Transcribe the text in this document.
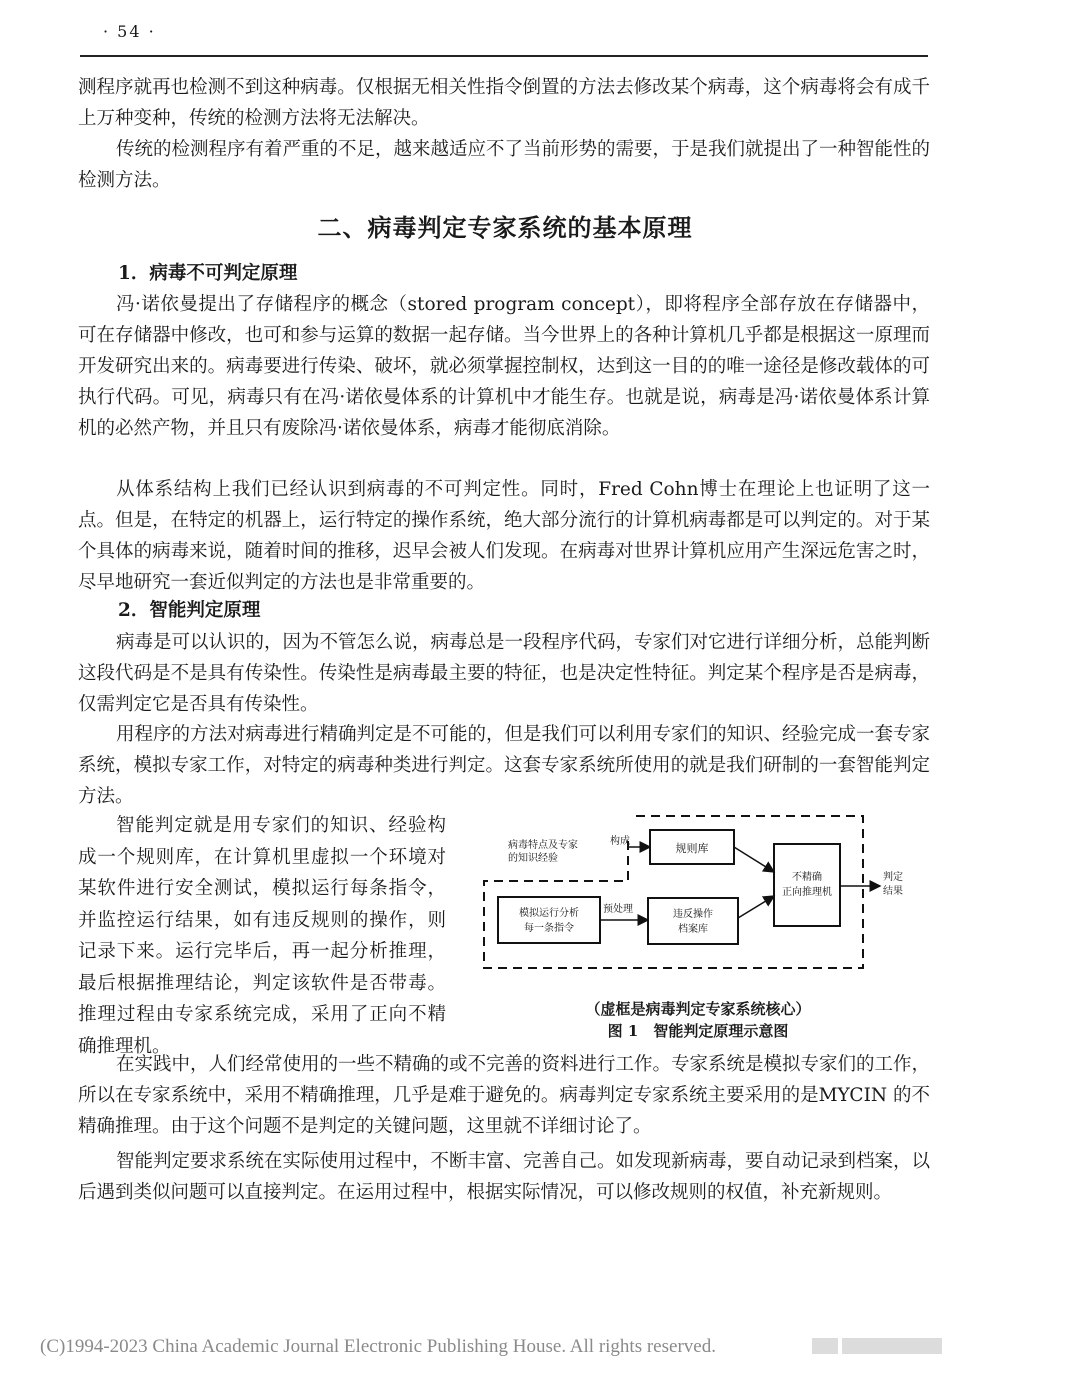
· 54 ·

测程序就再也检测不到这种病毒。仅根据无相关性指令倒置的方法去修改某个病毒，这个病毒将会有成千上万种变种，传统的检测方法将无法解决。

传统的检测程序有着严重的不足，越来越适应不了当前形势的需要，于是我们就提出了一种智能性的检测方法。

二、病毒判定专家系统的基本原理
1．病毒不可判定原理

冯·诺依曼提出了存储程序的概念（stored program concept），即将程序全部存放在存储器中，可在存储器中修改，也可和参与运算的数据一起存储。当今世界上的各种计算机几乎都是根据这一原理而开发研究出来的。病毒要进行传染、破坏，就必须掌握控制权，达到这一目的的唯一途径是修改载体的可执行代码。可见，病毒只有在冯·诺依曼体系的计算机中才能生存。也就是说，病毒是冯·诺依曼体系计算机的必然产物，并且只有废除冯·诺依曼体系，病毒才能彻底消除。

从体系结构上我们已经认识到病毒的不可判定性。同时，Fred Cohn博士在理论上也证明了这一点。但是，在特定的机器上，运行特定的操作系统，绝大部分流行的计算机病毒都是可以判定的。对于某个具体的病毒来说，随着时间的推移，迟早会被人们发现。在病毒对世界计算机应用产生深远危害之时，尽早地研究一套近似判定的方法也是非常重要的。

2．智能判定原理

病毒是可以认识的，因为不管怎么说，病毒总是一段程序代码，专家们对它进行详细分析，总能判断这段代码是不是具有传染性。传染性是病毒最主要的特征，也是决定性特征。判定某个程序是否是病毒，仅需判定它是否具有传染性。

用程序的方法对病毒进行精确判定是不可能的，但是我们可以利用专家们的知识、经验完成一套专家系统，模拟专家工作，对特定的病毒种类进行判定。这套专家系统所使用的就是我们研制的一套智能判定方法。

智能判定就是用专家们的知识、经验构成一个规则库，在计算机里虚拟一个环境对某软件进行安全测试，模拟运行每条指令，并监控运行结果，如有违反规则的操作，则记录下来。运行完毕后，再一起分析推理，最后根据推理结论，判定该软件是否带毒。推理过程由专家系统完成，采用了正向不精确推理机。

病毒特点及专家
的知识经验
构成
规则库
模拟运行分析
每一条指令
预处理	违反操作
档案库
不精确
正向推理机
判定
结果
（虚框是病毒判定专家系统核心）
图 1　智能判定原理示意图

在实践中，人们经常使用的一些不精确的或不完善的资料进行工作。专家系统是模拟专家们的工作，所以在专家系统中，采用不精确推理，几乎是难于避免的。病毒判定专家系统主要采用的是MYCIN 的不精确推理。由于这个问题不是判定的关键问题，这里就不详细讨论了。

智能判定要求系统在实际使用过程中，不断丰富、完善自己。如发现新病毒，要自动记录到档案，以后遇到类似问题可以直接判定。在运用过程中，根据实际情况，可以修改规则的权值，补充新规则。

(C)1994-2023 China Academic Journal Electronic Publishing House. All rights reserved.
